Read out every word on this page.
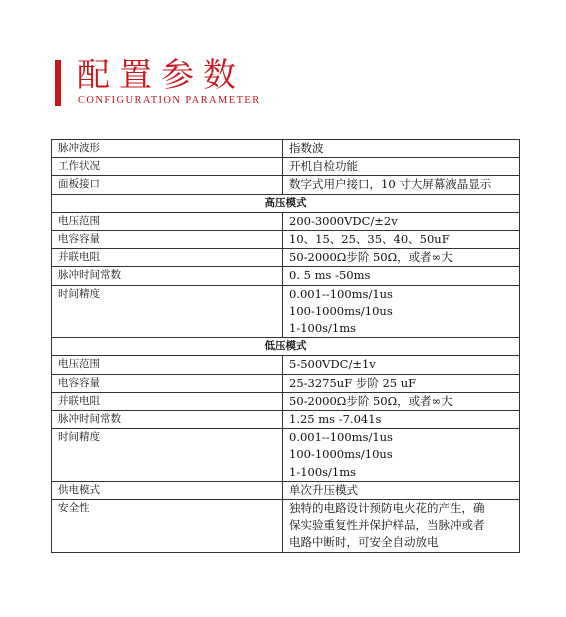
配置参数
CONFIGURATION PARAMETER
脉冲波形	指数波

工作状况	开机自检功能

面板接口	数字式用户接口，10 寸大屏幕液晶显示

高压模式	
电压范围	200-3000VDC/±2v

电容容量	10、15、25、35、40、50uF

并联电阻	50-2000Ω步阶 50Ω，或者∞大

脉冲时间常数	0. 5 ms -50ms

时间精度	0.001--100ms/1us
100-1000ms/10us
1-100s/1ms

低压模式	
电压范围	5-500VDC/±1v

电容容量	25-3275uF 步阶 25 uF

并联电阻	50-2000Ω步阶 50Ω，或者∞大

脉冲时间常数	1.25 ms -7.041s

时间精度	0.001--100ms/1us
100-1000ms/10us
1-100s/1ms

供电模式	单次升压模式

安全性	独特的电路设计预防电火花的产生，确
保实验重复性并保护样品，当脉冲或者
电路中断时，可安全自动放电
